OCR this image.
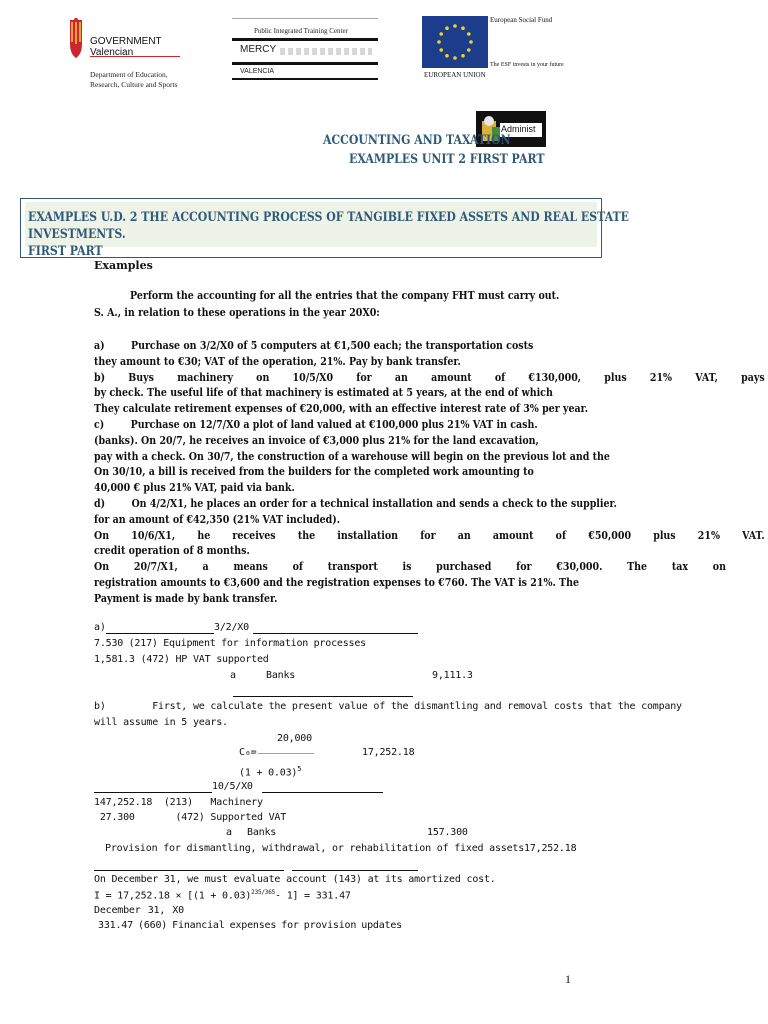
GOVERNMENT
Valencian
Department of Education,
Research, Culture and Sports
Public Integrated Training Center
MERCY
VALENCIA
European Social Fund
The ESF invests in your future
EUROPEAN UNION
Administ
ACCOUNTING AND TAXATION
EXAMPLES UNIT 2 FIRST PART
EXAMPLES U.D. 2 THE ACCOUNTING PROCESS OF TANGIBLE FIXED ASSETS AND REAL ESTATE INVESTMENTS.
FIRST PART
Examples
Perform the accounting for all the entries that the company FHT must carry out.
S. A., in relation to these operations in the year 20X0:
a)        Purchase on 3/2/X0 of 5 computers at €1,500 each; the transportation costs
they amount to €30; VAT of the operation, 21%. Pay by bank transfer.
b) Buys machinery on 10/5/X0 for an amount of €130,000, plus 21% VAT, pays
by check. The useful life of that machinery is estimated at 5 years, at the end of which
They calculate retirement expenses of €20,000, with an effective interest rate of 3% per year.
c)        Purchase on 12/7/X0 a plot of land valued at €100,000 plus 21% VAT in cash.
(banks). On 20/7, he receives an invoice of €3,000 plus 21% for the land excavation,
pay with a check. On 30/7, the construction of a warehouse will begin on the previous lot and the
On 30/10, a bill is received from the builders for the completed work amounting to
40,000 € plus 21% VAT, paid via bank.
d)        On 4/2/X1, he places an order for a technical installation and sends a check to the supplier.
for an amount of €42,350 (21% VAT included).
On 10/6/X1, he receives the installation for an amount of €50,000 plus 21% VAT.
credit operation of 8 months.
On 20/7/X1, a means of transport is purchased for €30,000. The tax on
registration amounts to €3,600 and the registration expenses to €760. The VAT is 21%. The
Payment is made by bank transfer.
a)	3/2/X0
7.530 (217) Equipment for information processes
1,581.3 (472) HP VAT supported
a	Banks	9,111.3
b)        First, we calculate the present value of the dismantling and removal costs that the company
will assume in 5 years.
20,000
C₀= ........................................................	17,252.18
$(1 + 0.03)^5$
10/5/X0
147,252.18  (213)   Machinery
27.300       (472) Supported VAT
a Banks	157.300
Provision for dismantling, withdrawal, or rehabilitation of fixed assets 17,252.18
On December 31, we must evaluate account (143) at its amortized cost.
$I = 17,252.18 \times [(1 + 0.03)^{235/365}-$ 1] = 331.47
December 31, X0
331.47 (660) Financial expenses for provision updates
1
